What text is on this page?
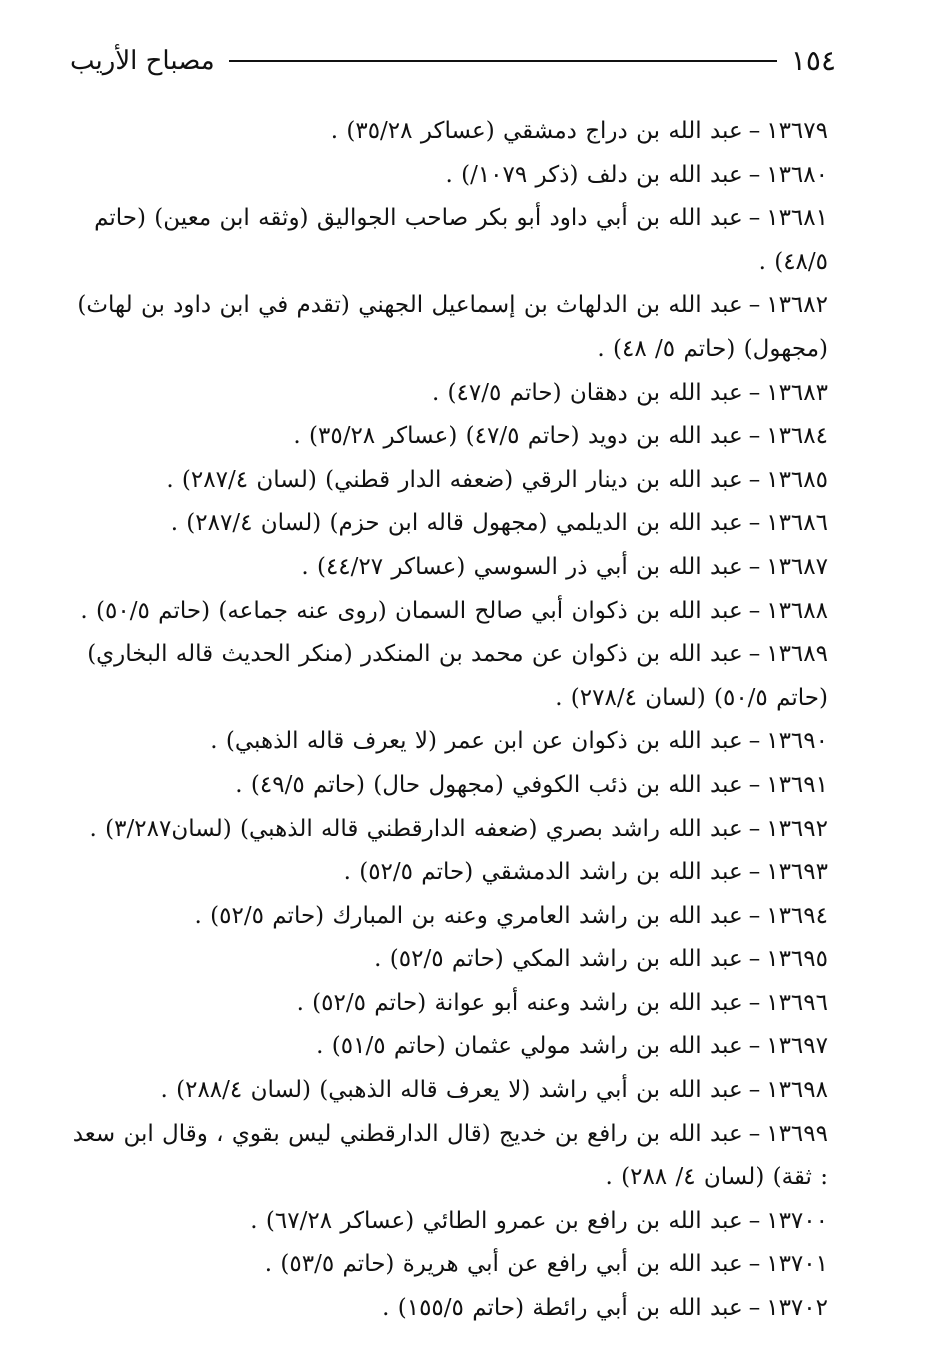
١٥٤
مصباح الأريب
١٣٦٧٩–عبد الله بن دراج دمشقي (عساكر ٣٥/٢٨) .
١٣٦٨٠–عبد الله بن دلف (ذكر ١٠٧٩/) .
١٣٦٨١–عبد الله بن أبي داود أبو بكر صاحب الجواليق (وثقه ابن معين) (حاتم ٤٨/٥) .
١٣٦٨٢–عبد الله بن الدلهاث بن إسماعيل الجهني (تقدم في ابن داود بن لهاث) (مجهول) (حاتم ٥/ ٤٨) .
١٣٦٨٣–عبد الله بن دهقان (حاتم ٤٧/٥) .
١٣٦٨٤–عبد الله بن دويد (حاتم ٤٧/٥) (عساكر ٣٥/٢٨) .
١٣٦٨٥–عبد الله بن دينار الرقي (ضعفه الدار قطني) (لسان ٢٨٧/٤) .
١٣٦٨٦–عبد الله بن الديلمي (مجهول قاله ابن حزم) (لسان ٢٨٧/٤) .
١٣٦٨٧–عبد الله بن أبي ذر السوسي (عساكر ٤٤/٢٧) .
١٣٦٨٨–عبد الله بن ذكوان أبي صالح السمان (روى عنه جماعه) (حاتم ٥٠/٥) .
١٣٦٨٩–عبد الله بن ذكوان عن محمد بن المنكدر (منكر الحديث قاله البخاري) (حاتم ٥٠/٥) (لسان ٢٧٨/٤) .
١٣٦٩٠–عبد الله بن ذكوان عن ابن عمر (لا يعرف قاله الذهبي) .
١٣٦٩١–عبد الله بن ذئب الكوفي (مجهول حال) (حاتم ٤٩/٥) .
١٣٦٩٢–عبد الله راشد بصري (ضعفه الدارقطني قاله الذهبي) (لسان٣/٢٨٧) .
١٣٦٩٣–عبد الله بن راشد الدمشقي (حاتم ٥٢/٥) .
١٣٦٩٤–عبد الله بن راشد العامري وعنه بن المبارك (حاتم ٥٢/٥) .
١٣٦٩٥–عبد الله بن راشد المكي (حاتم ٥٢/٥) .
١٣٦٩٦–عبد الله بن راشد وعنه أبو عوانة (حاتم ٥٢/٥) .
١٣٦٩٧–عبد الله بن راشد مولي عثمان (حاتم ٥١/٥) .
١٣٦٩٨–عبد الله بن أبي راشد (لا يعرف قاله الذهبي) (لسان ٢٨٨/٤) .
١٣٦٩٩–عبد الله بن رافع بن خديج (قال الدارقطني ليس بقوي ، وقال ابن سعد : ثقة) (لسان ٤/ ٢٨٨) .
١٣٧٠٠–عبد الله بن رافع بن عمرو الطائي (عساكر ٦٧/٢٨) .
١٣٧٠١–عبد الله بن أبي رافع عن أبي هريرة (حاتم ٥٣/٥) .
١٣٧٠٢–عبد الله بن أبي رائطة (حاتم ١٥٥/٥) .
